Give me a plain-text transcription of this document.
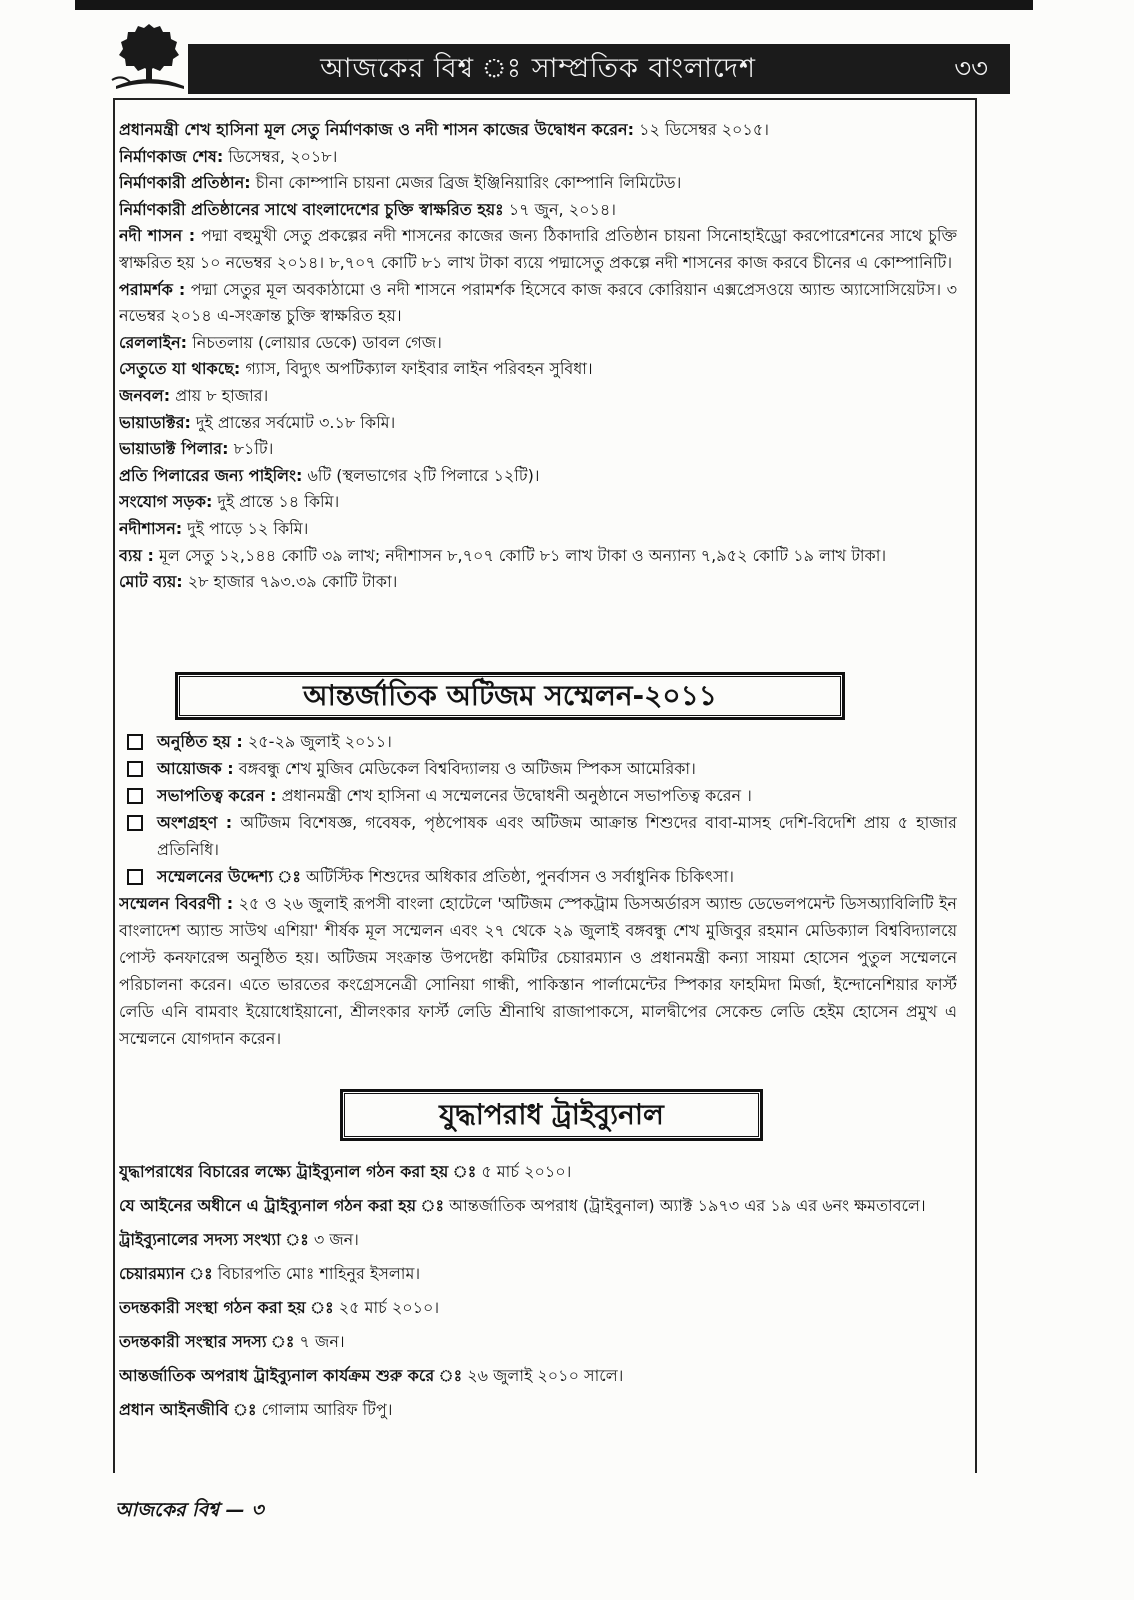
আজকের বিশ্ব ঃ সাম্প্রতিক বাংলাদেশ	৩৩
প্রধানমন্ত্রী শেখ হাসিনা মূল সেতু নির্মাণকাজ ও নদী শাসন কাজের উদ্বোধন করেন: ১২ ডিসেম্বর ২০১৫।
নির্মাণকাজ শেষ: ডিসেম্বর, ২০১৮।
নির্মাণকারী প্রতিষ্ঠান: চীনা কোম্পানি চায়না মেজর ব্রিজ ইঞ্জিনিয়ারিং কোম্পানি লিমিটেড।
নির্মাণকারী প্রতিষ্ঠানের সাথে বাংলাদেশের চুক্তি স্বাক্ষরিত হয়ঃ ১৭ জুন, ২০১৪।
নদী শাসন : পদ্মা বহুমুখী সেতু প্রকল্পের নদী শাসনের কাজের জন্য ঠিকাদারি প্রতিষ্ঠান চায়না সিনোহাইড্রো করপোরেশনের সাথে চুক্তি স্বাক্ষরিত হয় ১০ নভেম্বর ২০১৪। ৮,৭০৭ কোটি ৮১ লাখ টাকা ব্যয়ে পদ্মাসেতু প্রকল্পে নদী শাসনের কাজ করবে চীনের এ কোম্পানিটি।
পরামর্শক : পদ্মা সেতুর মূল অবকাঠামো ও নদী শাসনে পরামর্শক হিসেবে কাজ করবে কোরিয়ান এক্সপ্রেসওয়ে অ্যান্ড অ্যাসোসিয়েটস। ৩ নভেম্বর ২০১৪ এ-সংক্রান্ত চুক্তি স্বাক্ষরিত হয়।
রেললাইন: নিচতলায় (লোয়ার ডেকে) ডাবল গেজ।
সেতুতে যা থাকছে: গ্যাস, বিদ্যুৎ অপটিক্যাল ফাইবার লাইন পরিবহন সুবিধা।
জনবল: প্রায় ৮ হাজার।
ভায়াডাক্টর: দুই প্রান্তের সর্বমোট ৩.১৮ কিমি।
ভায়াডাক্ট পিলার: ৮১টি।
প্রতি পিলারের জন্য পাইলিং: ৬টি (স্থলভাগের ২টি পিলারে ১২টি)।
সংযোগ সড়ক: দুই প্রান্তে ১৪ কিমি।
নদীশাসন: দুই পাড়ে ১২ কিমি।
ব্যয় : মূল সেতু ১২,১৪৪ কোটি ৩৯ লাখ; নদীশাসন ৮,৭০৭ কোটি ৮১ লাখ টাকা ও অন্যান্য ৭,৯৫২ কোটি ১৯ লাখ টাকা।
মোট ব্যয়: ২৮ হাজার ৭৯৩.৩৯ কোটি টাকা।
আন্তর্জাতিক অটিজম সম্মেলন-২০১১
অনুষ্ঠিত হয় : ২৫-২৯ জুলাই ২০১১।
আয়োজক : বঙ্গবন্ধু শেখ মুজিব মেডিকেল বিশ্ববিদ্যালয় ও অটিজম স্পিকস আমেরিকা।
সভাপতিত্ব করেন : প্রধানমন্ত্রী শেখ হাসিনা এ সম্মেলনের উদ্বোধনী অনুষ্ঠানে সভাপতিত্ব করেন ।
অংশগ্রহণ : অটিজম বিশেষজ্ঞ, গবেষক, পৃষ্ঠপোষক এবং অটিজম আক্রান্ত শিশুদের বাবা-মাসহ দেশি-বিদেশি প্রায় ৫ হাজার প্রতিনিধি।
সম্মেলনের উদ্দেশ্য ঃ অটিস্টিক শিশুদের অধিকার প্রতিষ্ঠা, পুনর্বাসন ও সর্বাধুনিক চিকিৎসা।
সম্মেলন বিবরণী : ২৫ ও ২৬ জুলাই রূপসী বাংলা হোটেলে 'অটিজম স্পেকট্রাম ডিসঅর্ডারস অ্যান্ড ডেভেলপমেন্ট ডিসঅ্যাবিলিটি ইন বাংলাদেশ অ্যান্ড সাউথ এশিয়া' শীর্ষক মূল সম্মেলন এবং ২৭ থেকে ২৯ জুলাই বঙ্গবন্ধু শেখ মুজিবুর রহমান মেডিক্যাল বিশ্ববিদ্যালয়ে পোস্ট কনফারেন্স অনুষ্ঠিত হয়। অটিজম সংক্রান্ত উপদেষ্টা কমিটির চেয়ারম্যান ও প্রধানমন্ত্রী কন্যা সায়মা হোসেন পুতুল সম্মেলনে পরিচালনা করেন। এতে ভারতের কংগ্রেসনেত্রী সোনিয়া গান্ধী, পাকিস্তান পার্লামেন্টের স্পিকার ফাহমিদা মির্জা, ইন্দোনেশিয়ার ফার্স্ট লেডি এনি বামবাং ইয়োধোইয়ানো, শ্রীলংকার ফার্স্ট লেডি শ্রীনাথি রাজাপাকসে, মালদ্বীপের সেকেন্ড লেডি হেইম হোসেন প্রমুখ এ সম্মেলনে যোগদান করেন।
যুদ্ধাপরাধ ট্রাইব্যুনাল
যুদ্ধাপরাধের বিচারের লক্ষ্যে ট্রাইব্যুনাল গঠন করা হয় ঃ ৫ মার্চ ২০১০।
যে আইনের অধীনে এ ট্রাইব্যুনাল গঠন করা হয় ঃ আন্তর্জাতিক অপরাধ (ট্রাইবুনাল) অ্যাক্ট ১৯৭৩ এর ১৯ এর ৬নং ক্ষমতাবলে।
ট্রাইব্যুনালের সদস্য সংখ্যা ঃ ৩ জন।
চেয়ারম্যান ঃ বিচারপতি মোঃ শাহিনুর ইসলাম।
তদন্তকারী সংস্থা গঠন করা হয় ঃ ২৫ মার্চ ২০১০।
তদন্তকারী সংস্থার সদস্য ঃ ৭ জন।
আন্তর্জাতিক অপরাধ ট্রাইব্যুনাল কার্যক্রম শুরু করে ঃ ২৬ জুলাই ২০১০ সালে।
প্রধান আইনজীবি ঃ গোলাম আরিফ টিপু।
আজকের বিশ্ব — ৩
